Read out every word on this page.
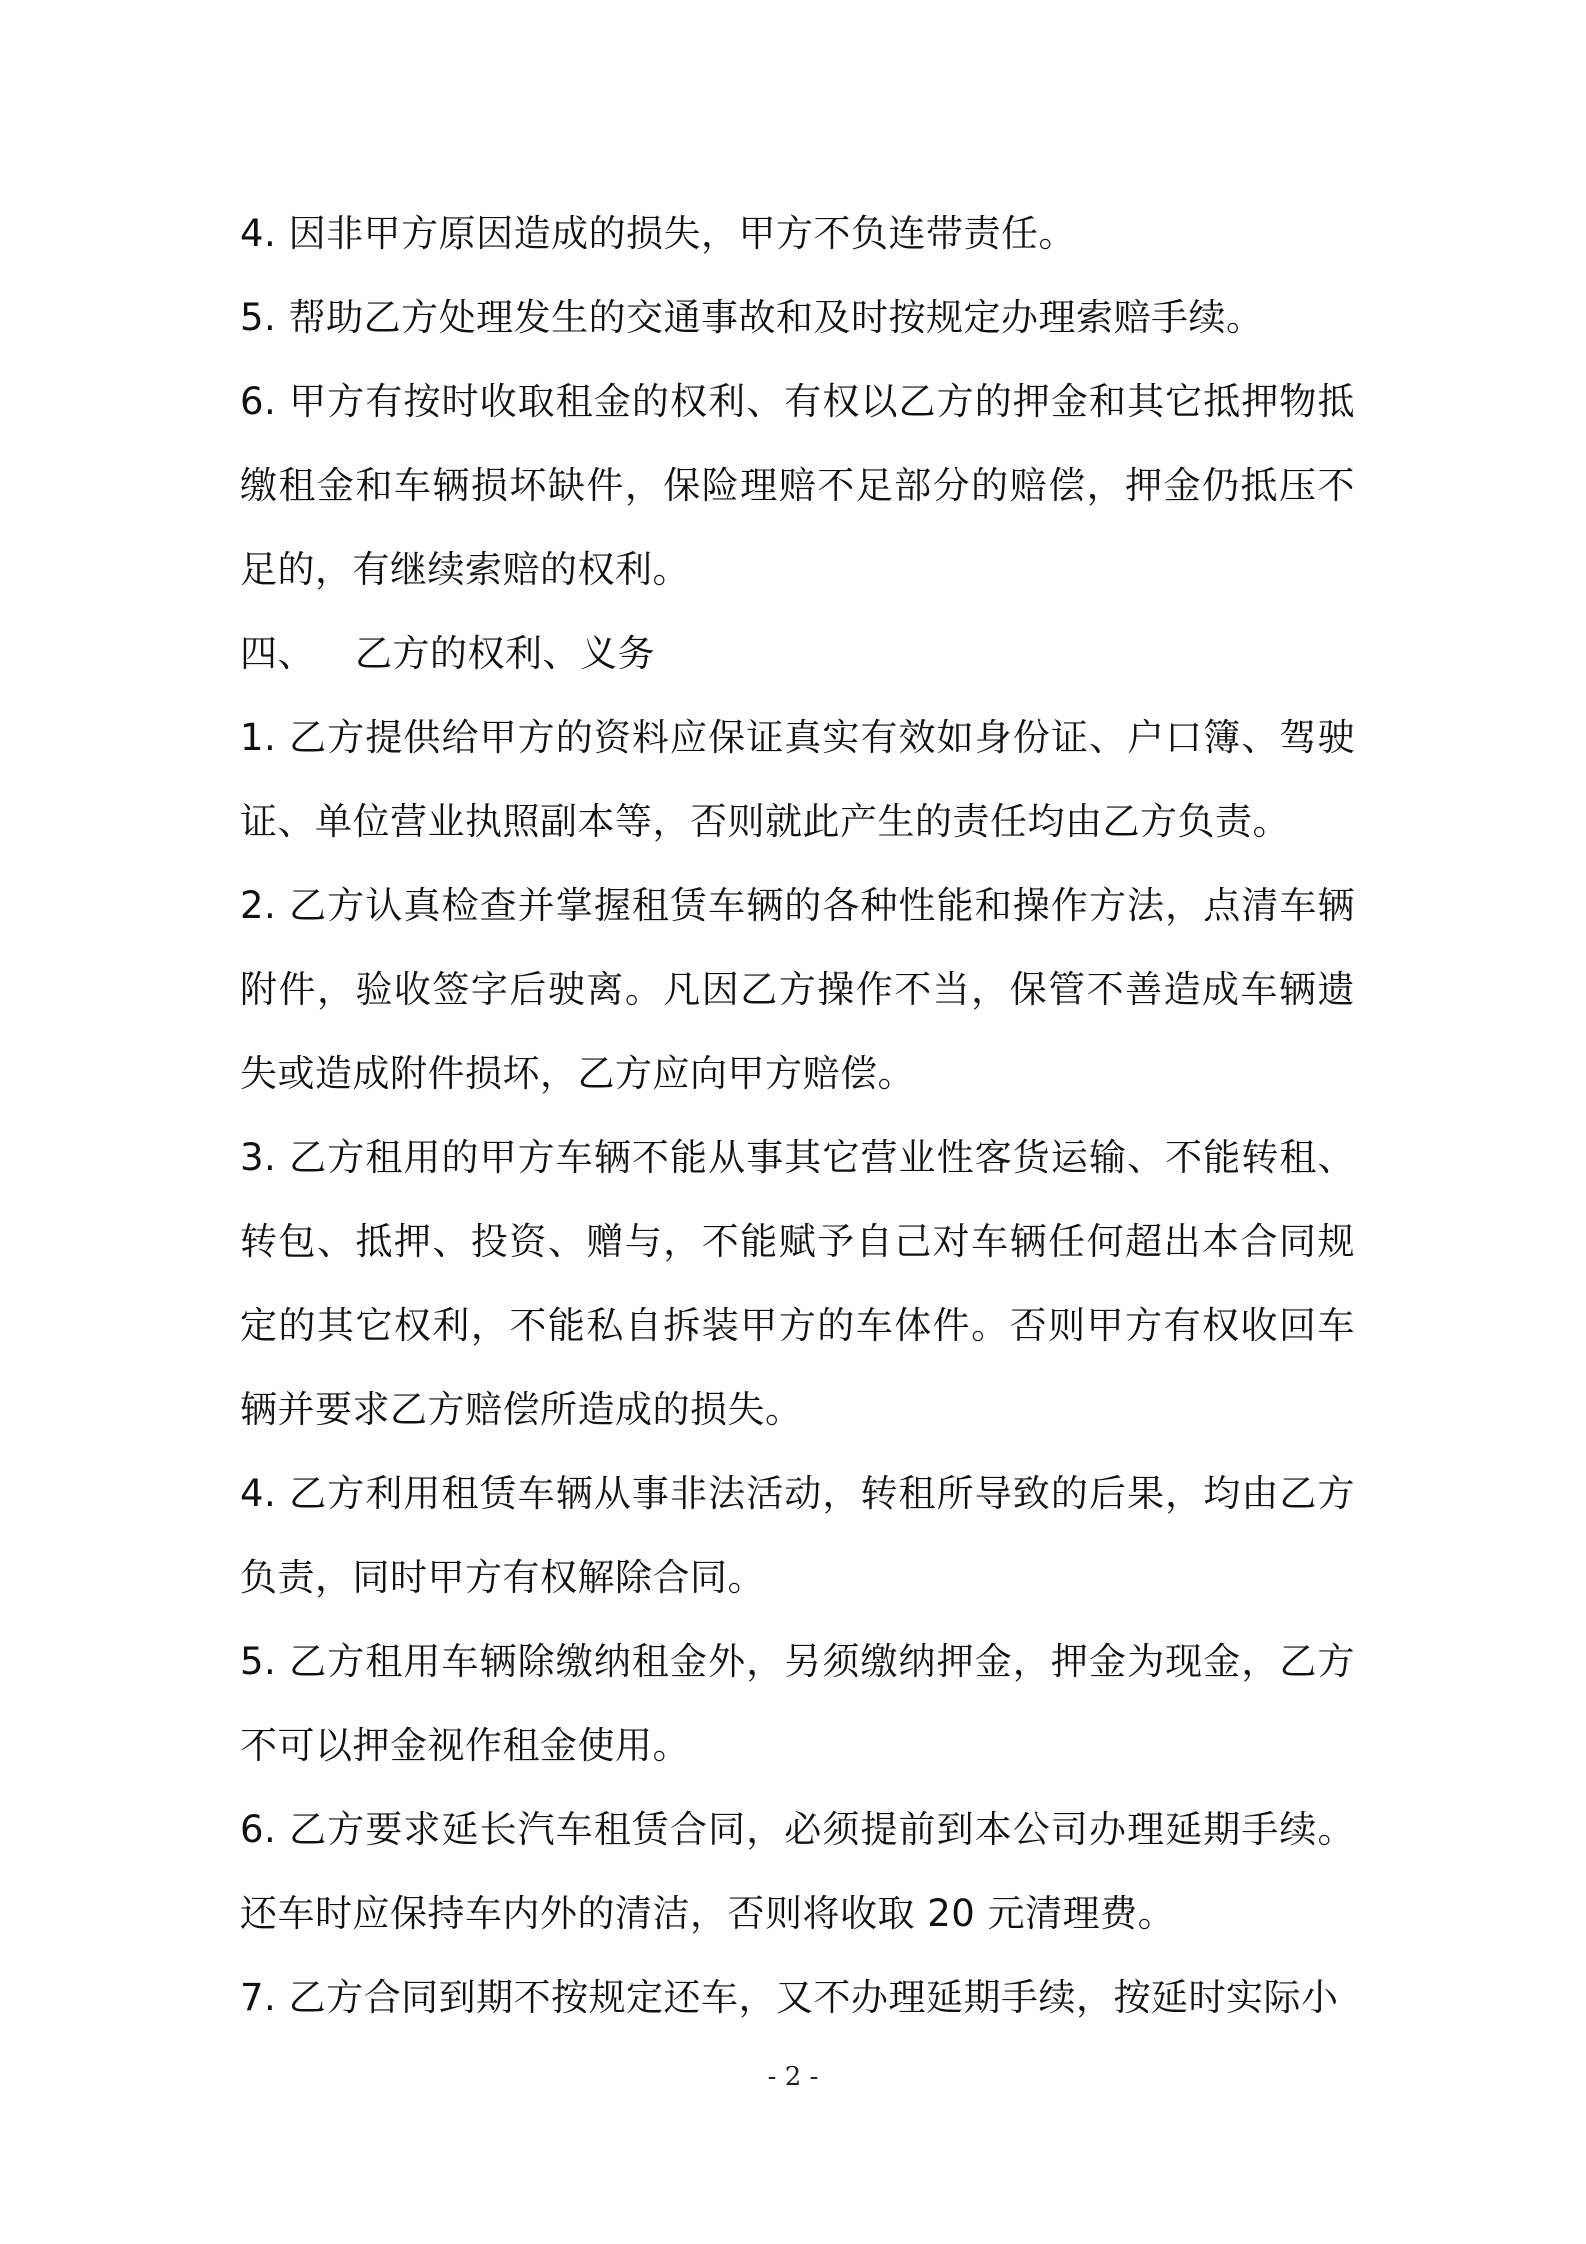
4. 因非甲方原因造成的损失，甲方不负连带责任。

5. 帮助乙方处理发生的交通事故和及时按规定办理索赔手续。

6. 甲方有按时收取租金的权利、有权以乙方的押金和其它抵押物抵缴租金和车辆损坏缺件，保险理赔不足部分的赔偿，押金仍抵压不足的，有继续索赔的权利。

四、 乙方的权利、义务

1. 乙方提供给甲方的资料应保证真实有效如身份证、户口簿、驾驶证、单位营业执照副本等，否则就此产生的责任均由乙方负责。

2. 乙方认真检查并掌握租赁车辆的各种性能和操作方法，点清车辆附件，验收签字后驶离。凡因乙方操作不当，保管不善造成车辆遗失或造成附件损坏，乙方应向甲方赔偿。

3. 乙方租用的甲方车辆不能从事其它营业性客货运输、不能转租、转包、抵押、投资、赠与，不能赋予自己对车辆任何超出本合同规定的其它权利，不能私自拆装甲方的车体件。否则甲方有权收回车辆并要求乙方赔偿所造成的损失。

4. 乙方利用租赁车辆从事非法活动，转租所导致的后果，均由乙方负责，同时甲方有权解除合同。

5. 乙方租用车辆除缴纳租金外，另须缴纳押金，押金为现金，乙方不可以押金视作租金使用。

6. 乙方要求延长汽车租赁合同，必须提前到本公司办理延期手续。还车时应保持车内外的清洁，否则将收取 20 元清理费。

7. 乙方合同到期不按规定还车，又不办理延期手续，按延时实际小

- 2 -
